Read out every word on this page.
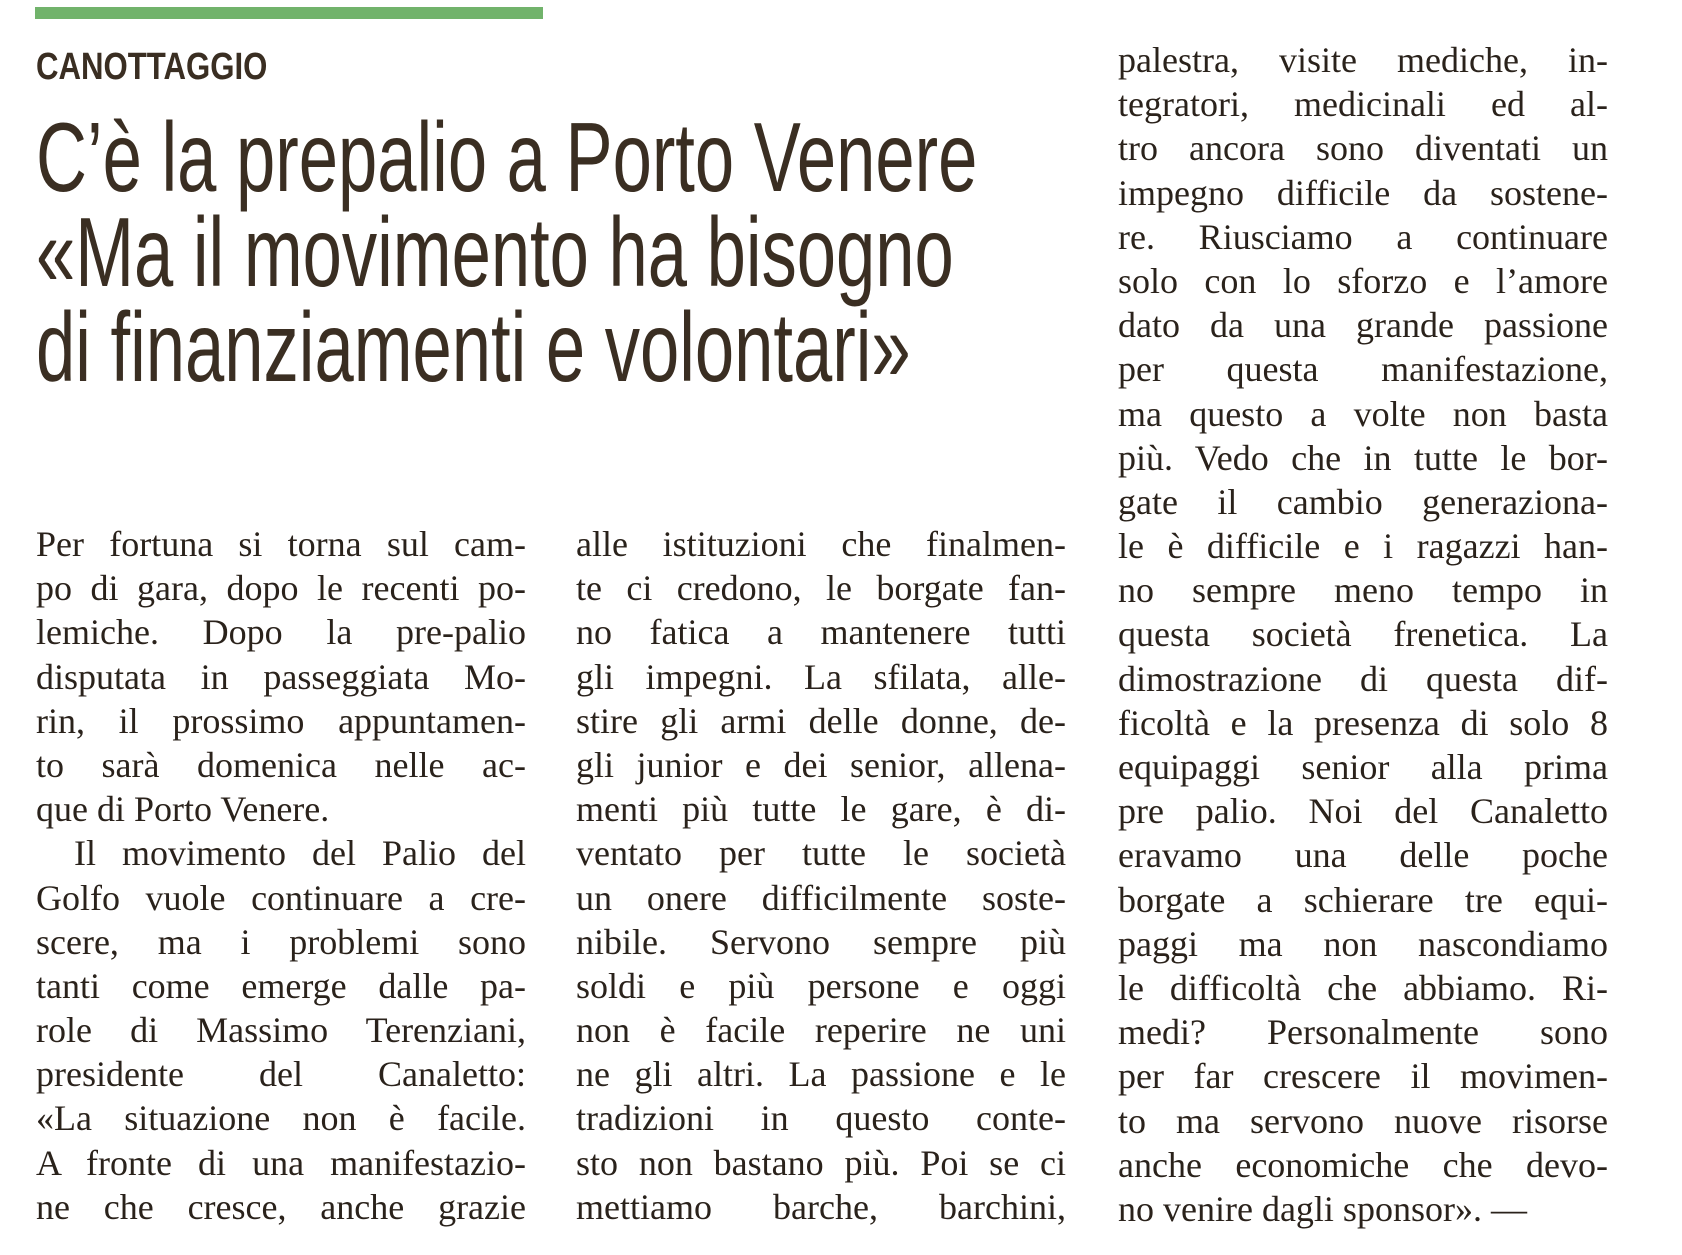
CANOTTAGGIO
C’è la prepalio a Porto Venere
«Ma il movimento ha bisogno
di finanziamenti e volontari»
Per fortuna si torna sul cam-
po di gara, dopo le recenti po-
lemiche. Dopo la pre-palio
disputata in passeggiata Mo-
rin, il prossimo appuntamen-
to sarà domenica nelle ac-
que di Porto Venere.
Il movimento del Palio del
Golfo vuole continuare a cre-
scere, ma i problemi sono
tanti come emerge dalle pa-
role di Massimo Terenziani,
presidente del Canaletto:
«La situazione non è facile.
A fronte di una manifestazio-
ne che cresce, anche grazie
alle istituzioni che finalmen-
te ci credono, le borgate fan-
no fatica a mantenere tutti
gli impegni. La sfilata, alle-
stire gli armi delle donne, de-
gli junior e dei senior, allena-
menti più tutte le gare, è di-
ventato per tutte le società
un onere difficilmente soste-
nibile. Servono sempre più
soldi e più persone e oggi
non è facile reperire ne uni
ne gli altri. La passione e le
tradizioni in questo conte-
sto non bastano più. Poi se ci
mettiamo barche, barchini,
palestra, visite mediche, in-
tegratori, medicinali ed al-
tro ancora sono diventati un
impegno difficile da sostene-
re. Riusciamo a continuare
solo con lo sforzo e l’amore
dato da una grande passione
per questa manifestazione,
ma questo a volte non basta
più. Vedo che in tutte le bor-
gate il cambio generaziona-
le è difficile e i ragazzi han-
no sempre meno tempo in
questa società frenetica. La
dimostrazione di questa dif-
ficoltà e la presenza di solo 8
equipaggi senior alla prima
pre palio. Noi del Canaletto
eravamo una delle poche
borgate a schierare tre equi-
paggi ma non nascondiamo
le difficoltà che abbiamo. Ri-
medi? Personalmente sono
per far crescere il movimen-
to ma servono nuove risorse
anche economiche che devo-
no venire dagli sponsor». —
